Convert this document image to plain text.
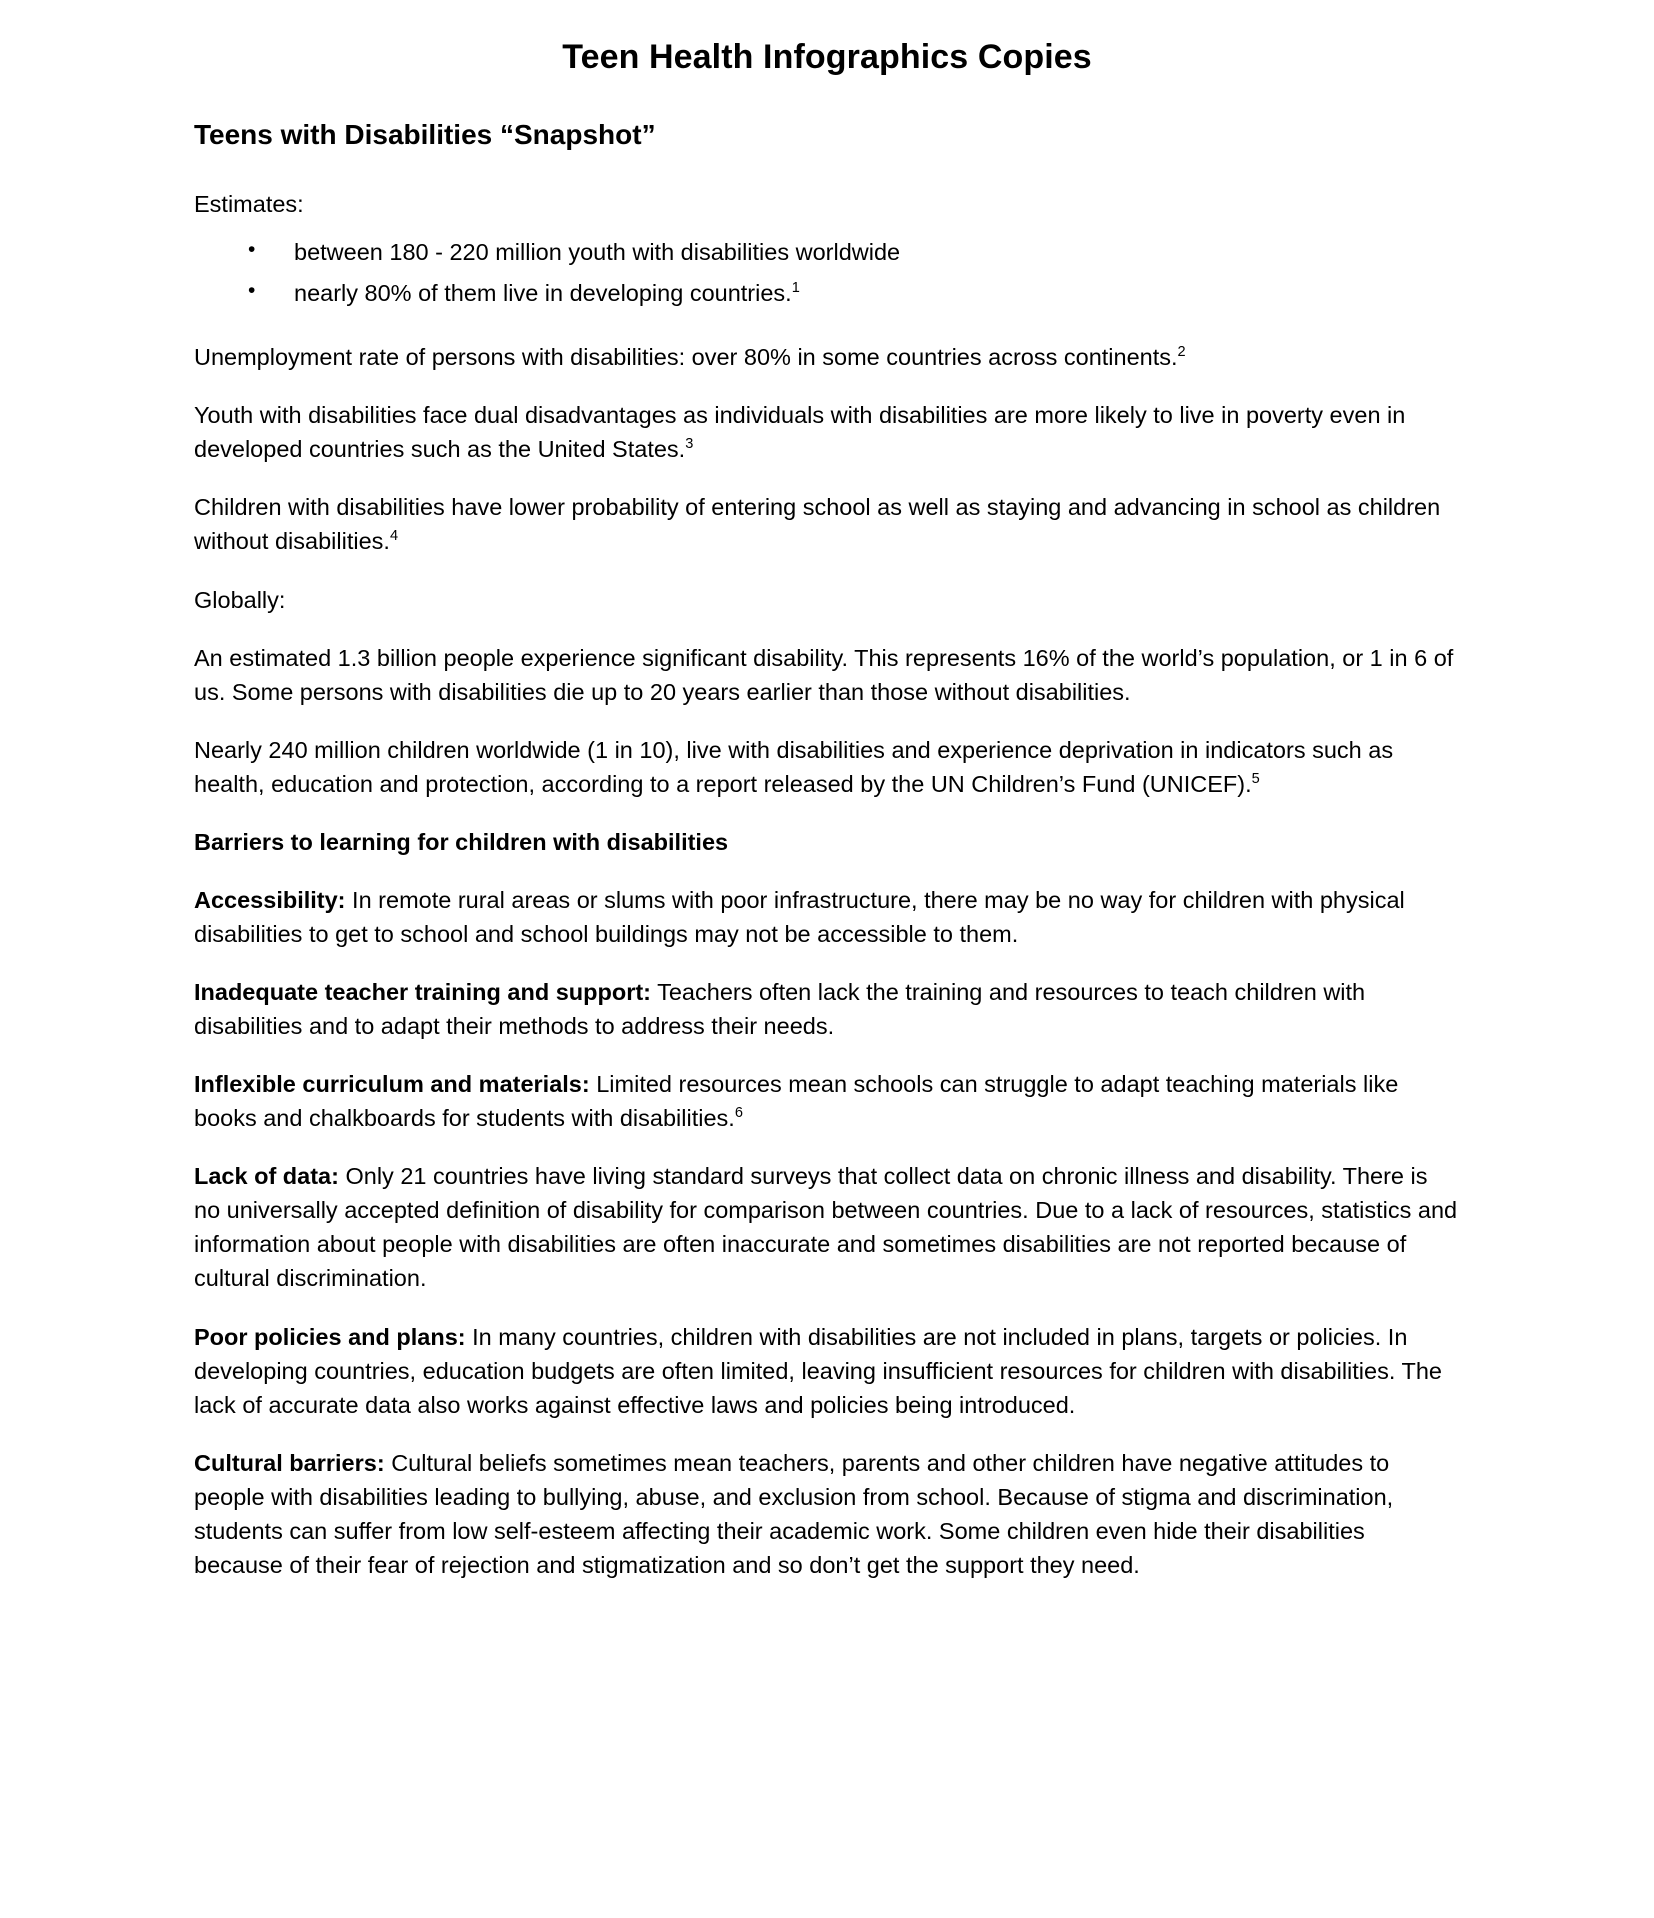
Teen Health Infographics Copies
Teens with Disabilities “Snapshot”

Estimates:

• between 180 - 220 million youth with disabilities worldwide
• nearly 80% of them live in developing countries.$^1$

Unemployment rate of persons with disabilities: over 80% in some countries across continents.$^2$

Youth with disabilities face dual disadvantages as individuals with disabilities are more likely to live in poverty even in developed countries such as the United States.$^3$

Children with disabilities have lower probability of entering school as well as staying and advancing in school as children without disabilities.$^4$

Globally:

An estimated 1.3 billion people experience significant disability. This represents 16% of the world’s population, or 1 in 6 of us. Some persons with disabilities die up to 20 years earlier than those without disabilities.

Nearly 240 million children worldwide (1 in 10), live with disabilities and experience deprivation in indicators such as health, education and protection, according to a report released by the UN Children’s Fund (UNICEF).$^5$

Barriers to learning for children with disabilities

Accessibility: In remote rural areas or slums with poor infrastructure, there may be no way for children with physical disabilities to get to school and school buildings may not be accessible to them.

Inadequate teacher training and support: Teachers often lack the training and resources to teach children with disabilities and to adapt their methods to address their needs.

Inflexible curriculum and materials: Limited resources mean schools can struggle to adapt teaching materials like books and chalkboards for students with disabilities.$^6$

Lack of data: Only 21 countries have living standard surveys that collect data on chronic illness and disability. There is no universally accepted definition of disability for comparison between countries. Due to a lack of resources, statistics and information about people with disabilities are often inaccurate and sometimes disabilities are not reported because of cultural discrimination.

Poor policies and plans: In many countries, children with disabilities are not included in plans, targets or policies. In developing countries, education budgets are often limited, leaving insufficient resources for children with disabilities. The lack of accurate data also works against effective laws and policies being introduced.

Cultural barriers: Cultural beliefs sometimes mean teachers, parents and other children have negative attitudes to people with disabilities leading to bullying, abuse, and exclusion from school. Because of stigma and discrimination, students can suffer from low self-esteem affecting their academic work. Some children even hide their disabilities because of their fear of rejection and stigmatization and so don’t get the support they need.
